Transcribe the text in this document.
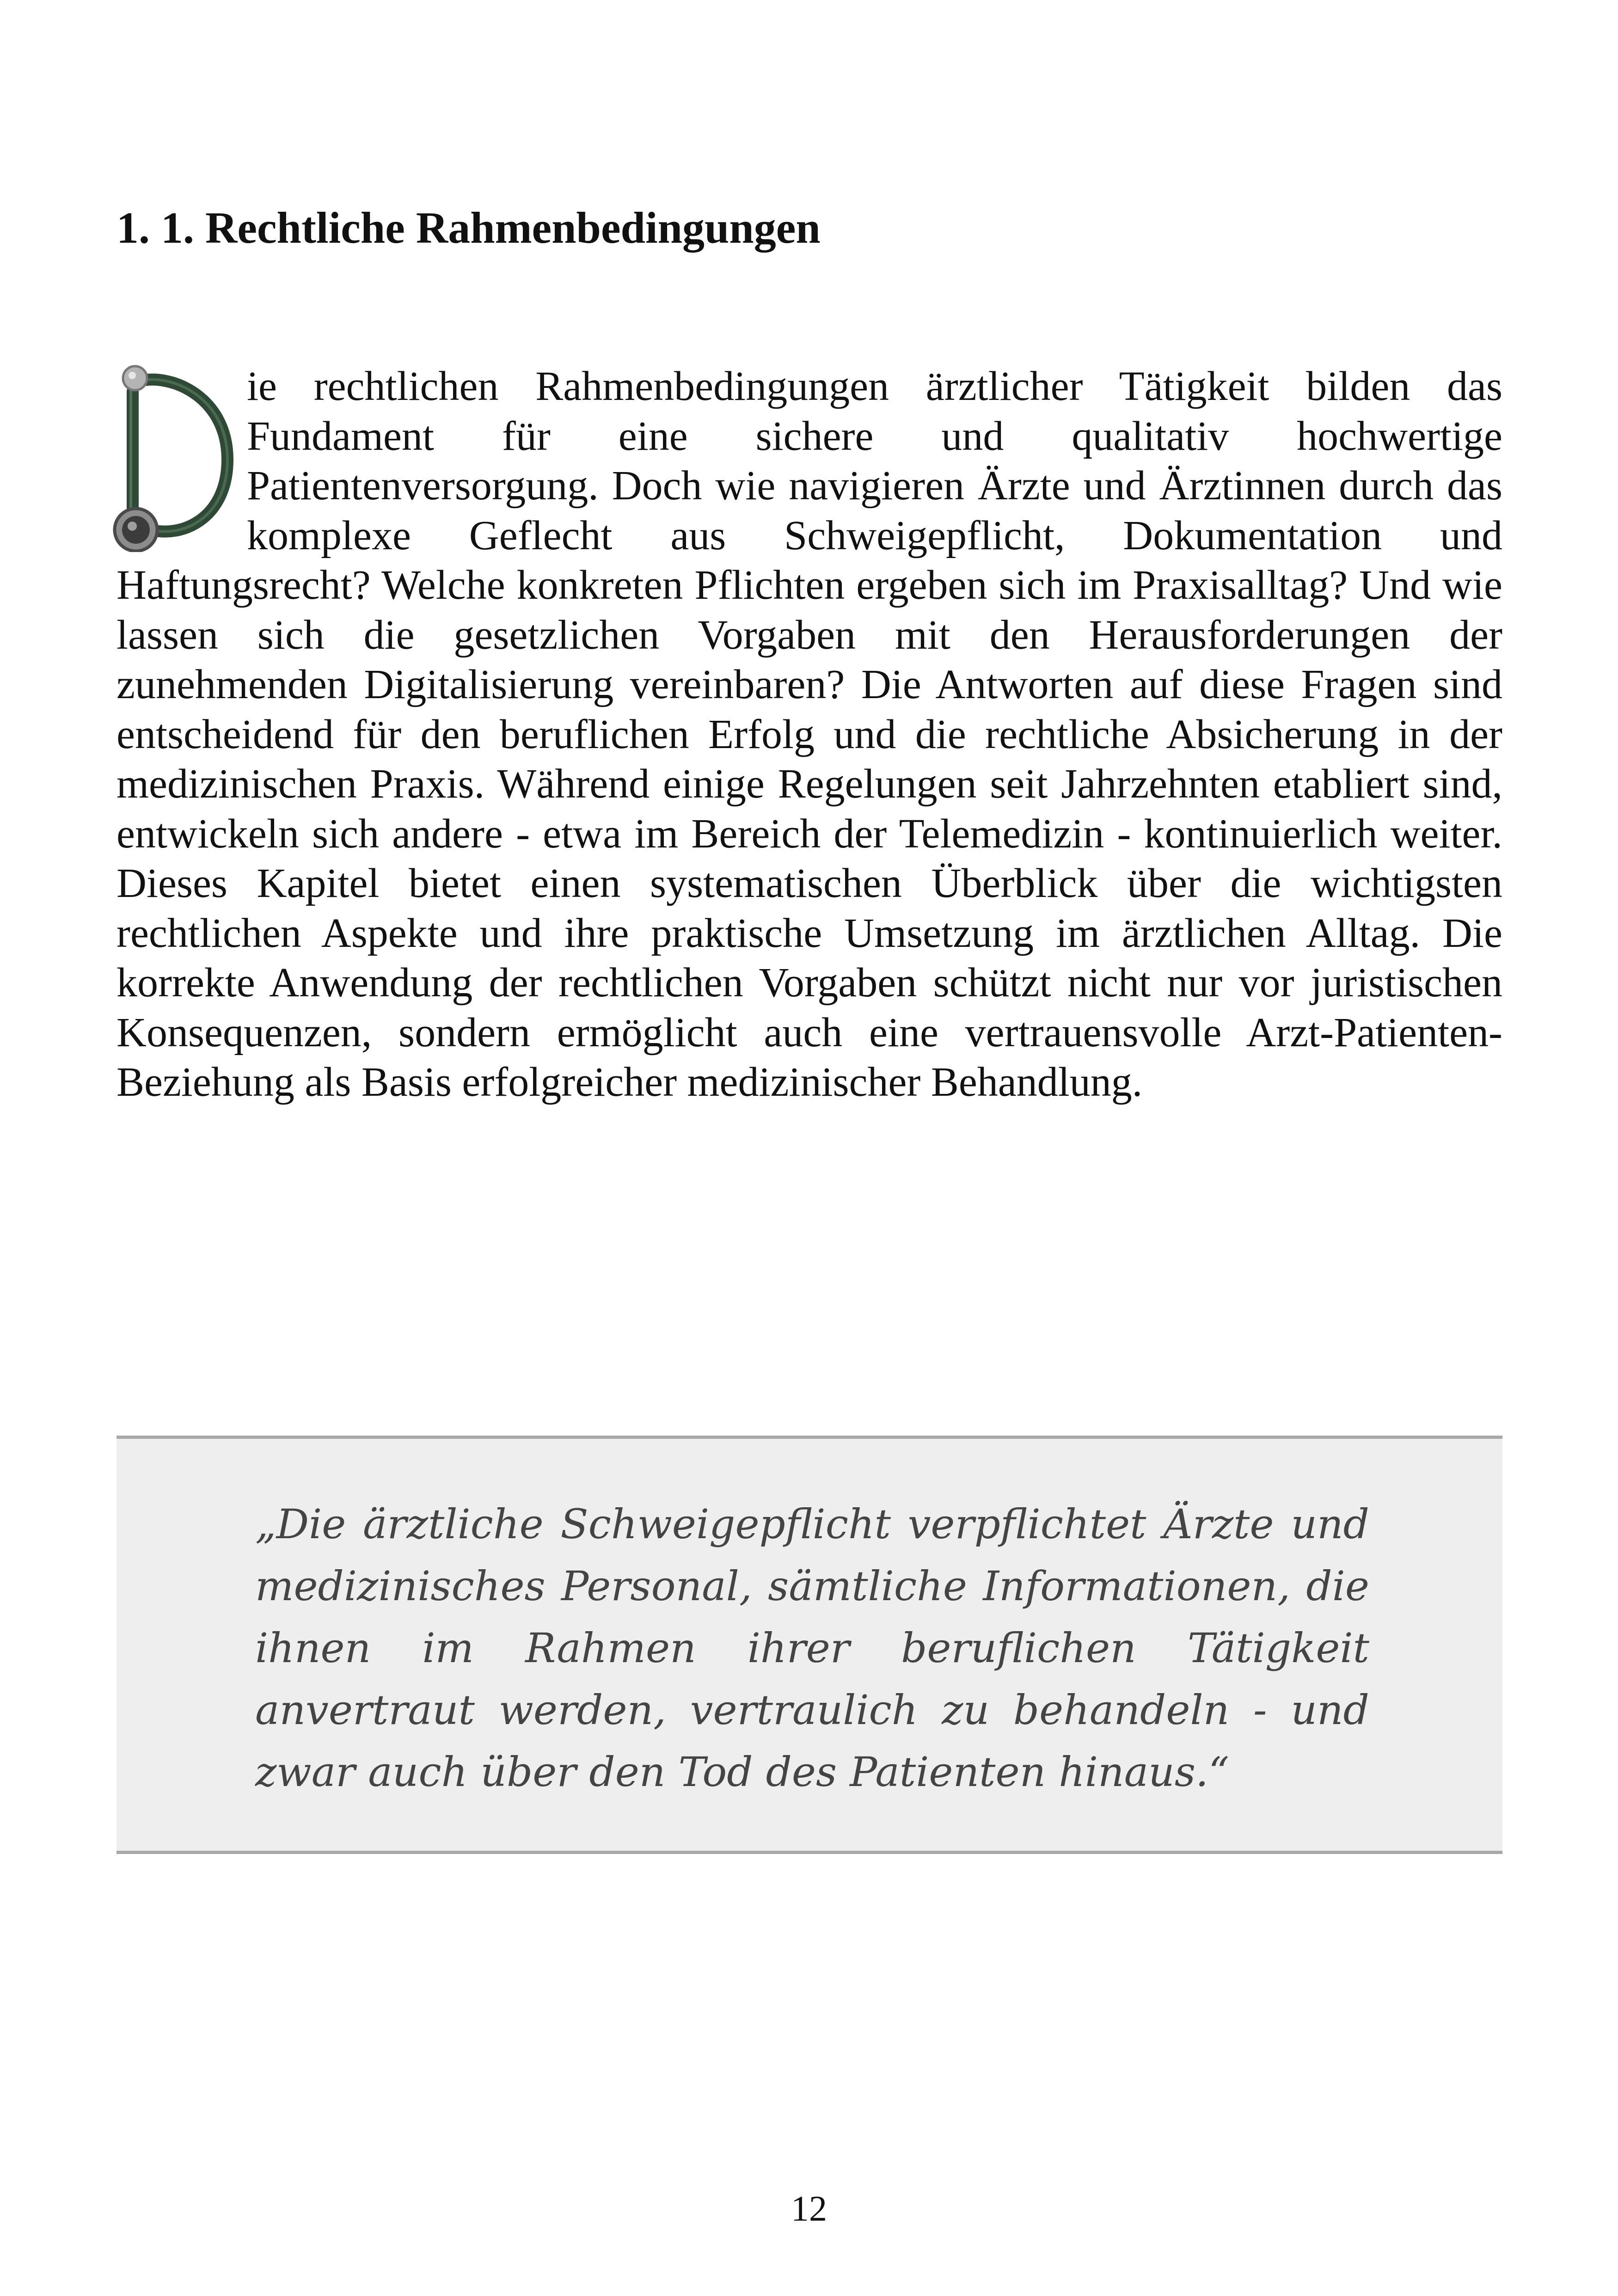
1. 1. Rechtliche Rahmenbedingungen

ie rechtlichen Rahmenbedingungen ärztlicher Tätigkeit bilden das Fundament für eine sichere und qualitativ hochwertige Patientenversorgung. Doch wie navigieren Ärzte und Ärztinnen durch das komplexe Geflecht aus Schweigepflicht, Dokumentation und Haftungsrecht? Welche konkreten Pflichten ergeben sich im Praxisalltag? Und wie lassen sich die gesetzlichen Vorgaben mit den Herausforderungen der zunehmenden Digitalisierung vereinbaren? Die Antworten auf diese Fragen sind entscheidend für den beruflichen Erfolg und die rechtliche Absicherung in der medizinischen Praxis. Während einige Regelungen seit Jahrzehnten etabliert sind, entwickeln sich andere - etwa im Bereich der Telemedizin - kontinuierlich weiter. Dieses Kapitel bietet einen systematischen Überblick über die wichtigsten rechtlichen Aspekte und ihre praktische Umsetzung im ärztlichen Alltag. Die korrekte Anwendung der rechtlichen Vorgaben schützt nicht nur vor juristischen Konsequenzen, sondern ermöglicht auch eine vertrauensvolle Arzt-Patienten-Beziehung als Basis erfolgreicher medizinischer Behandlung.

„Die ärztliche Schweigepflicht verpflichtet Ärzte und medizinisches Personal, sämtliche Informationen, die ihnen im Rahmen ihrer beruflichen Tätigkeit anvertraut werden, vertraulich zu behandeln - und zwar auch über den Tod des Patienten hinaus.“

12
